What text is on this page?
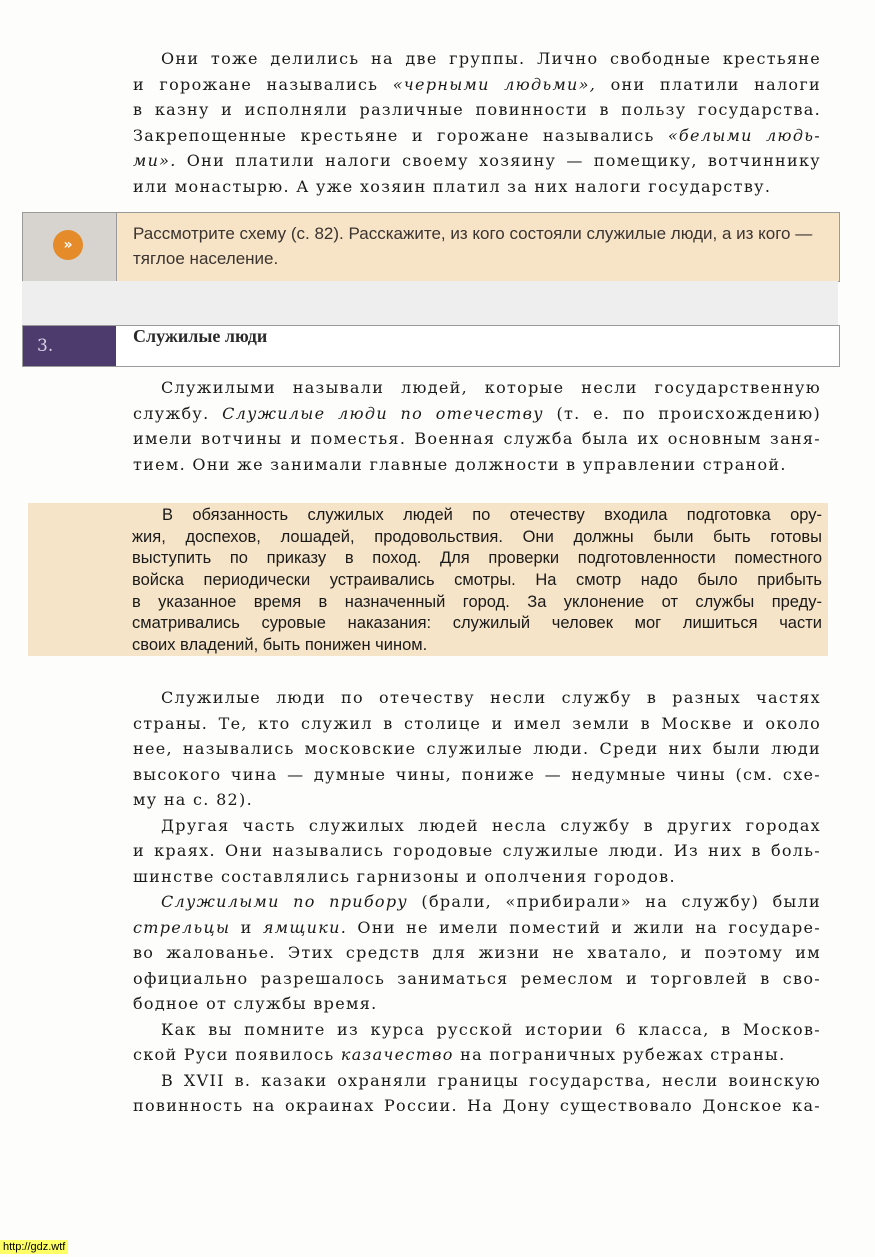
Они тоже делились на две группы. Лично свободные крестьяне
и горожане назывались «черными людьми», они платили налоги
в казну и исполняли различные повинности в пользу государства.
Закрепощенные крестьяне и горожане назывались «белыми людь-
ми». Они платили налоги своему хозяину — помещику, вотчиннику
или монастырю. А уже хозяин платил за них налоги государству.
»
Рассмотрите схему (с. 82). Расскажите, из кого состояли служилые люди, а из кого — тяглое население.
3.	Служилые люди
Служилыми называли людей, которые несли государственную
службу. Служилые люди по отечеству (т. е. по происхождению)
имели вотчины и поместья. Военная служба была их основным заня-
тием. Они же занимали главные должности в управлении страной.
В обязанность служилых людей по отечеству входила подготовка ору-
жия, доспехов, лошадей, продовольствия. Они должны были быть готовы
выступить по приказу в поход. Для проверки подготовленности поместного
войска периодически устраивались смотры. На смотр надо было прибыть
в указанное время в назначенный город. За уклонение от службы преду-
сматривались суровые наказания: служилый человек мог лишиться части
своих владений, быть понижен чином.
Служилые люди по отечеству несли службу в разных частях
страны. Те, кто служил в столице и имел земли в Москве и около
нее, назывались московские служилые люди. Среди них были люди
высокого чина — думные чины, пониже — недумные чины (см. схе-
му на с. 82).
Другая часть служилых людей несла службу в других городах
и краях. Они назывались городовые служилые люди. Из них в боль-
шинстве составлялись гарнизоны и ополчения городов.
Служилыми по прибору (брали, «прибирали» на службу) были
стрельцы и ямщики. Они не имели поместий и жили на государе-
во жалованье. Этих средств для жизни не хватало, и поэтому им
официально разрешалось заниматься ремеслом и торговлей в сво-
бодное от службы время.
Как вы помните из курса русской истории 6 класса, в Москов-
ской Руси появилось казачество на пограничных рубежах страны.
В XVII в. казаки охраняли границы государства, несли воинскую
повинность на окраинах России. На Дону существовало Донское ка-
http://gdz.wtf
